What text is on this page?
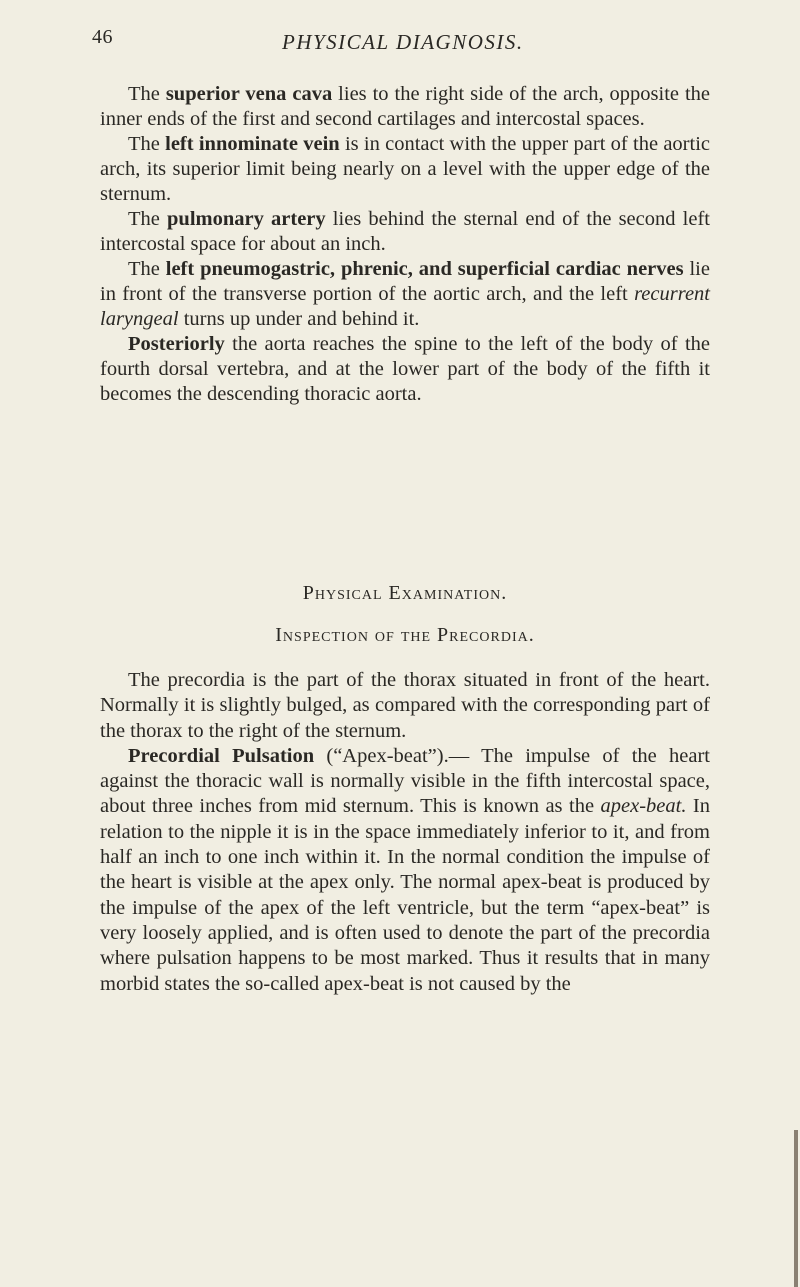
46	PHYSICAL DIAGNOSIS.

The superior vena cava lies to the right side of the arch, opposite the inner ends of the first and second cartilages and intercostal spaces.

The left innominate vein is in contact with the upper part of the aortic arch, its superior limit being nearly on a level with the upper edge of the sternum.

The pulmonary artery lies behind the sternal end of the second left intercostal space for about an inch.

The left pneumogastric, phrenic, and superficial cardiac nerves lie in front of the transverse portion of the aortic arch, and the left recurrent laryngeal turns up under and behind it.

Posteriorly the aorta reaches the spine to the left of the body of the fourth dorsal vertebra, and at the lower part of the body of the fifth it becomes the descending thoracic aorta.

Physical Examination.
Inspection of the Precordia.

The precordia is the part of the thorax situated in front of the heart. Normally it is slightly bulged, as compared with the corresponding part of the thorax to the right of the sternum.

Precordial Pulsation (“Apex-beat”).— The impulse of the heart against the thoracic wall is normally visible in the fifth intercostal space, about three inches from mid sternum. This is known as the apex-beat. In relation to the nipple it is in the space immediately inferior to it, and from half an inch to one inch within it. In the normal condition the impulse of the heart is visible at the apex only. The normal apex-beat is produced by the impulse of the apex of the left ventricle, but the term “apex-beat” is very loosely applied, and is often used to denote the part of the precordia where pulsation happens to be most marked. Thus it results that in many morbid states the so-called apex-beat is not caused by the
